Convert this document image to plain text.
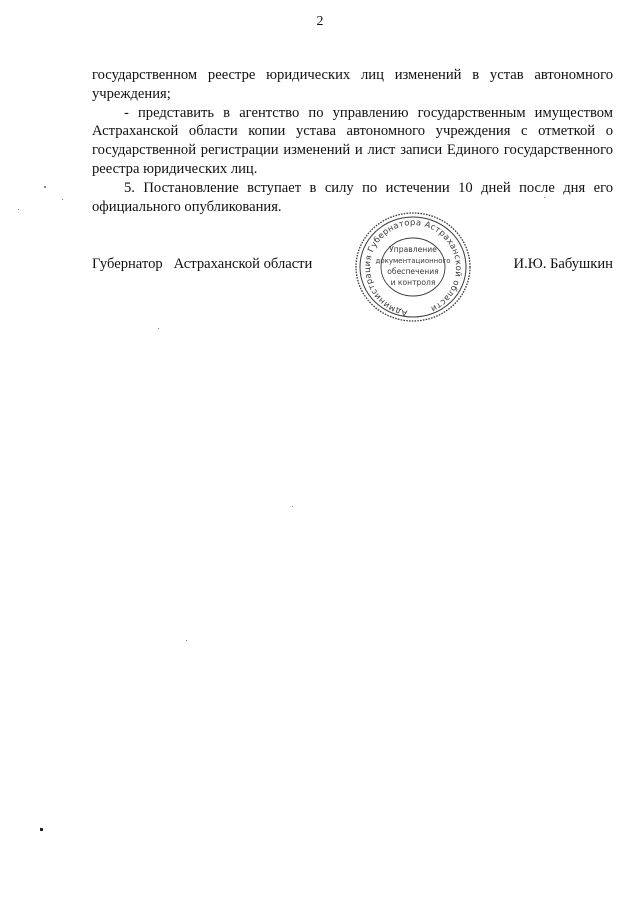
2

государственном реестре юридических лиц изменений в устав автономного учреждения;

- представить в агентство по управлению государственным имуществом Астраханской области копии устава автономного учреждения с отметкой о государственной регистрации изменений и лист записи Единого государственного реестра юридических лиц.

5. Постановление вступает в силу по истечении 10 дней после дня его официального опубликования.

Губернатор   Астраханской области	И.Ю. Бабушкин
Администрация Губернатора Астраханской области
Управление
документационного
обеспечения
и контроля
